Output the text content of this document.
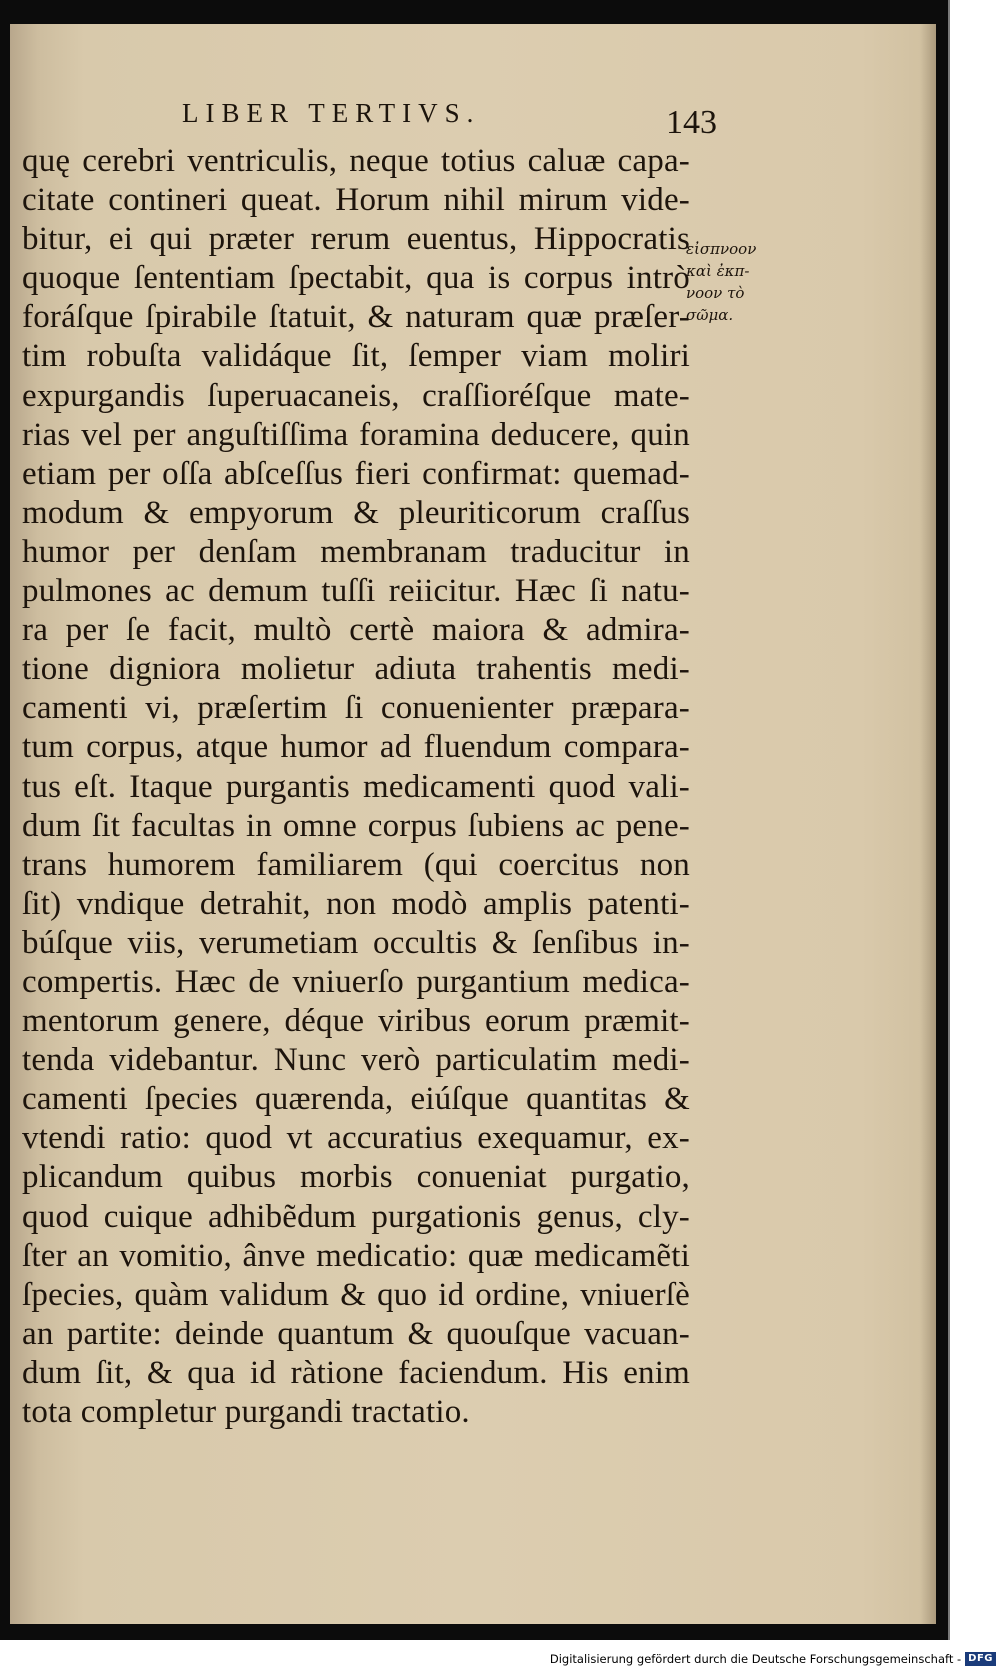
LIBER TERTIVS.	143
quę cerebri ventriculis, neque totius caluæ capa-
citate contineri queat. Horum nihil mirum vide-
bitur, ei qui præter rerum euentus, Hippocratis
quoque ſententiam ſpectabit, qua is corpus intrò
foráſque ſpirabile ſtatuit, & naturam quæ præſer-
tim robuſta validáque ſit, ſemper viam moliri
expurgandis ſuperuacaneis, craſſioréſque mate-
rias vel per anguſtiſſima foramina deducere, quin
etiam per oſſa abſceſſus fieri confirmat: quemad-
modum & empyorum & pleuriticorum craſſus
humor per denſam membranam traducitur in
pulmones ac demum tuſſi reiicitur. Hæc ſi natu-
ra per ſe facit, multò certè maiora & admira-
tione digniora molietur adiuta trahentis medi-
camenti vi, præſertim ſi conuenienter præpara-
tum corpus, atque humor ad fluendum compara-
tus eſt. Itaque purgantis medicamenti quod vali-
dum ſit facultas in omne corpus ſubiens ac pene-
trans humorem familiarem (qui coercitus non
ſit) vndique detrahit, non modò amplis patenti-
búſque viis, verumetiam occultis & ſenſibus in-
compertis. Hæc de vniuerſo purgantium medica-
mentorum genere, déque viribus eorum præmit-
tenda videbantur. Nunc verò particulatim medi-
camenti ſpecies quærenda, eiúſque quantitas &
vtendi ratio: quod vt accuratius exequamur, ex-
plicandum quibus morbis conueniat purgatio,
quod cuique adhibẽdum purgationis genus, cly-
ſter an vomitio, ânve medicatio: quæ medicamẽti
ſpecies, quàm validum & quo id ordine, vniuerſè
an partite: deinde quantum & quouſque vacuan-
dum ſit, & qua id ràtione faciendum. His enim
tota completur purgandi tractatio.
εἰσπνοον
καὶ ἐκπ-
νοον τὸ
σῶμα.
Digitalisierung gefördert durch die Deutsche Forschungsgemeinschaft - DFG
